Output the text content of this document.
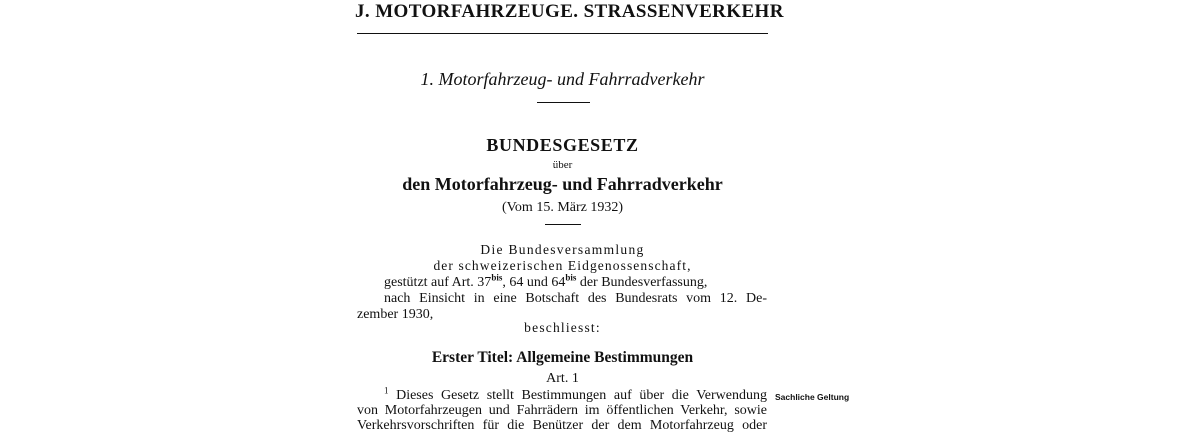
J. MOTORFAHRZEUGE. STRASSENVERKEHR
1. Motorfahrzeug- und Fahrradverkehr
BUNDESGESETZ
über
den Motorfahrzeug- und Fahrradverkehr
(Vom 15. März 1932)
Die Bundesversammlung
der schweizerischen Eidgenossenschaft,
gestützt auf Art. $37^{bis}$, 64 und $64^{bis}$ der Bundesverfassung,
nach Einsicht in eine Botschaft des Bundesrats vom 12. De-
zember 1930,
beschliesst:
Erster Titel: Allgemeine Bestimmungen
Art. 1
$^1$ Dieses Gesetz stellt Bestimmungen auf über die Verwendung
von Motorfahrzeugen und Fahrrädern im öffentlichen Verkehr, sowie
Verkehrsvorschriften für die Benützer der dem Motorfahrzeug oder
Sachliche Geltung
